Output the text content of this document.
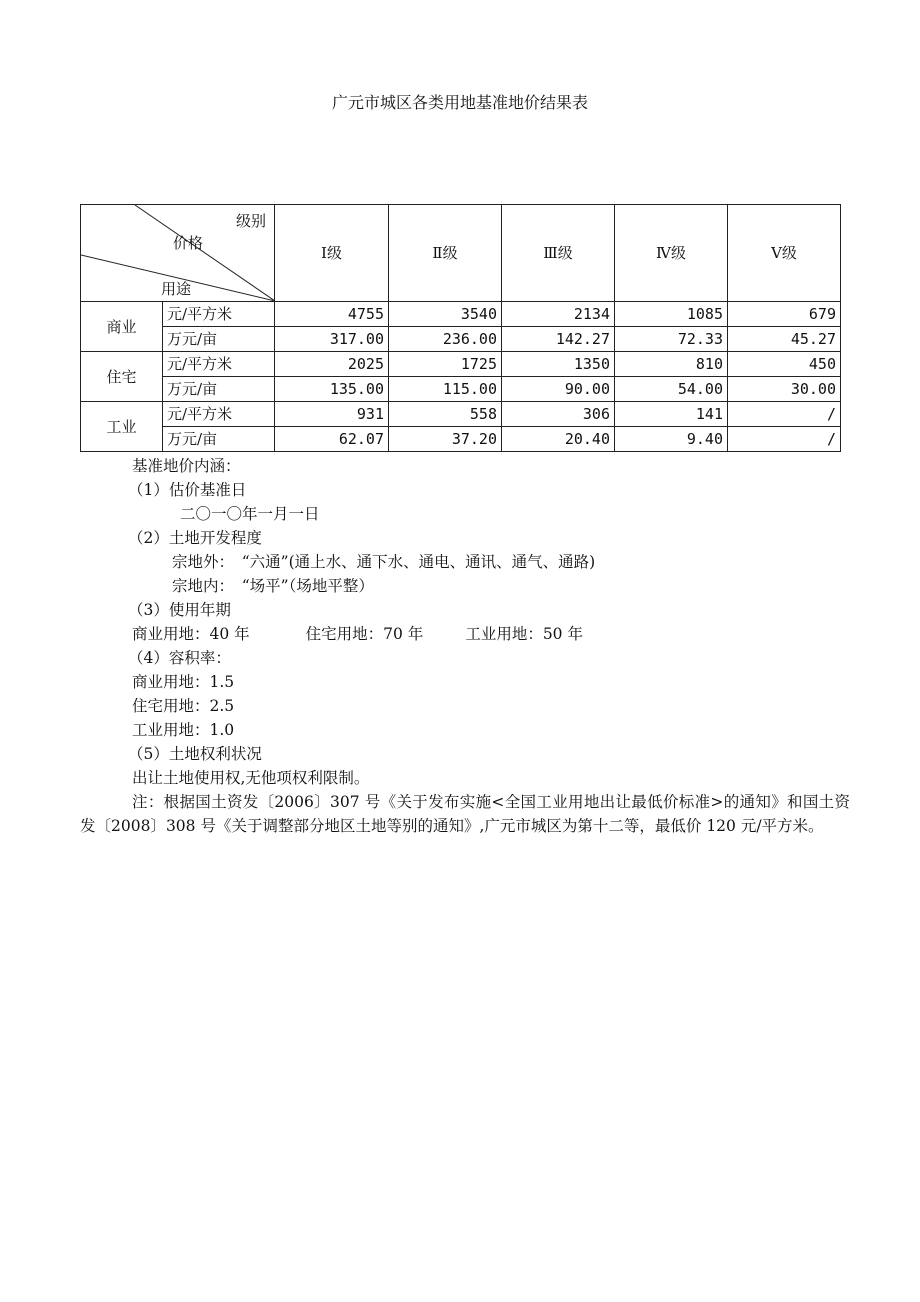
广元市城区各类用地基准地价结果表
级别
价格
用途		Ⅰ级	Ⅱ级	Ⅲ级	Ⅳ级	Ⅴ级
商业	元/平方米	4755	3540	2134	1085	679
	万元/亩	317.00	236.00	142.27	72.33	45.27
住宅	元/平方米	2025	1725	1350	810	450
	万元/亩	135.00	115.00	90.00	54.00	30.00
工业	元/平方米	931	558	306	141	/
	万元/亩	62.07	37.20	20.40	9.40	/

基准地价内涵：

（1）估价基准日

二〇一〇年一月一日

（2）土地开发程度

宗地外：　“六通”(通上水、通下水、通电、通讯、通气、通路)

宗地内：　“场平”（场地平整）

（3）使用年期

商业用地：40 年	住宅用地：70 年	工业用地：50 年

（4）容积率：

商业用地：1.5

住宅用地：2.5

工业用地：1.0

（5）土地权利状况

出让土地使用权,无他项权利限制。

注：根据国土资发〔2006〕307 号《关于发布实施<全国工业用地出让最低价标准>的通知》和国土资发〔2008〕308 号《关于调整部分地区土地等别的通知》,广元市城区为第十二等，最低价 120 元/平方米。
